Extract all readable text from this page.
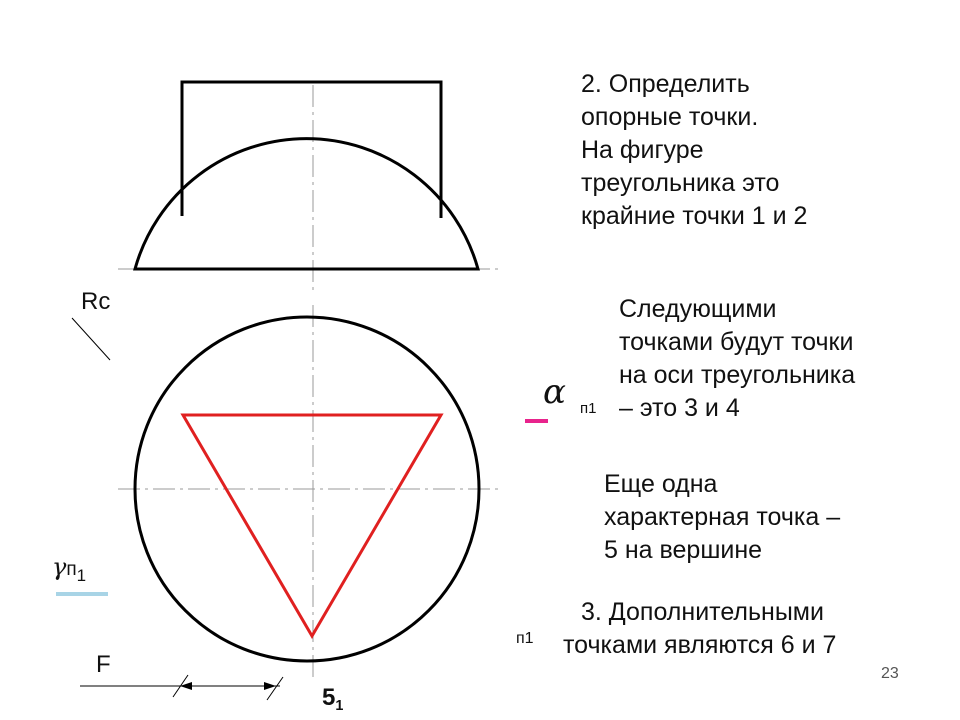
2. Определить
опорные точки.
На фигуре
треугольника это
крайние точки 1 и 2
Следующими
точками будут точки
на оси треугольника
– это 3 и 4
Еще одна
характерная точка –
5 на вершине
3. Дополнительными
точками являются 6 и 7
α п1
$\gamma п_1$
$5_1$
Rc
F
п1
23
